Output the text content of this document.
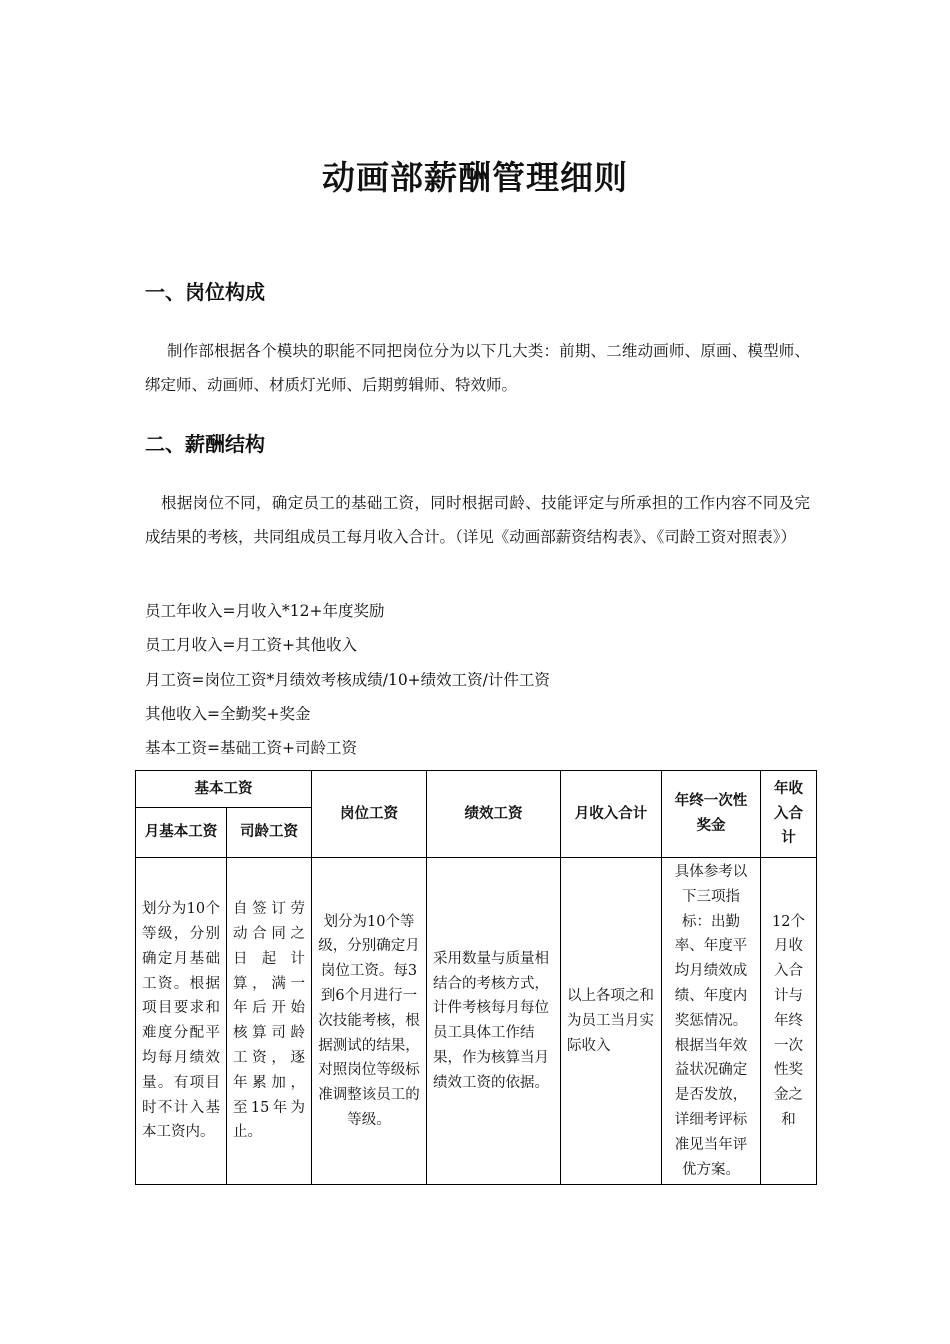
动画部薪酬管理细则
一、岗位构成

制作部根据各个模块的职能不同把岗位分为以下几大类：前期、二维动画师、原画、模型师、绑定师、动画师、材质灯光师、后期剪辑师、特效师。

二、薪酬结构

根据岗位不同，确定员工的基础工资，同时根据司龄、技能评定与所承担的工作内容不同及完成结果的考核，共同组成员工每月收入合计。（详见《动画部薪资结构表》、《司龄工资对照表》）

员工年收入=月收入*12+年度奖励
员工月收入=月工资+其他收入
月工资=岗位工资*月绩效考核成绩/10+绩效工资/计件工资
其他收入=全勤奖+奖金
基本工资=基础工资+司龄工资
基本工资		岗位工资	绩效工资	月收入合计	年终一次性奖金	年收入合计
月基本工资	司龄工资					
划分为10个等级，分别确定月基础工资。根据项目要求和难度分配平均每月绩效量。有项目时不计入基本工资内。	自签订劳动合同之日起计算，满一年后开始核算司龄工资，逐年累加，至15年为止。	划分为10个等级，分别确定月岗位工资。每3到6个月进行一次技能考核，根据测试的结果，对照岗位等级标准调整该员工的等级。	采用数量与质量相结合的考核方式，计件考核每月每位员工具体工作结果，作为核算当月绩效工资的依据。	以上各项之和为员工当月实际收入	具体参考以下三项指标：出勤率、年度平均月绩效成绩、年度内奖惩情况。根据当年效益状况确定是否发放，详细考评标准见当年评优方案。	12个月收入合计与年终一次性奖金之和
